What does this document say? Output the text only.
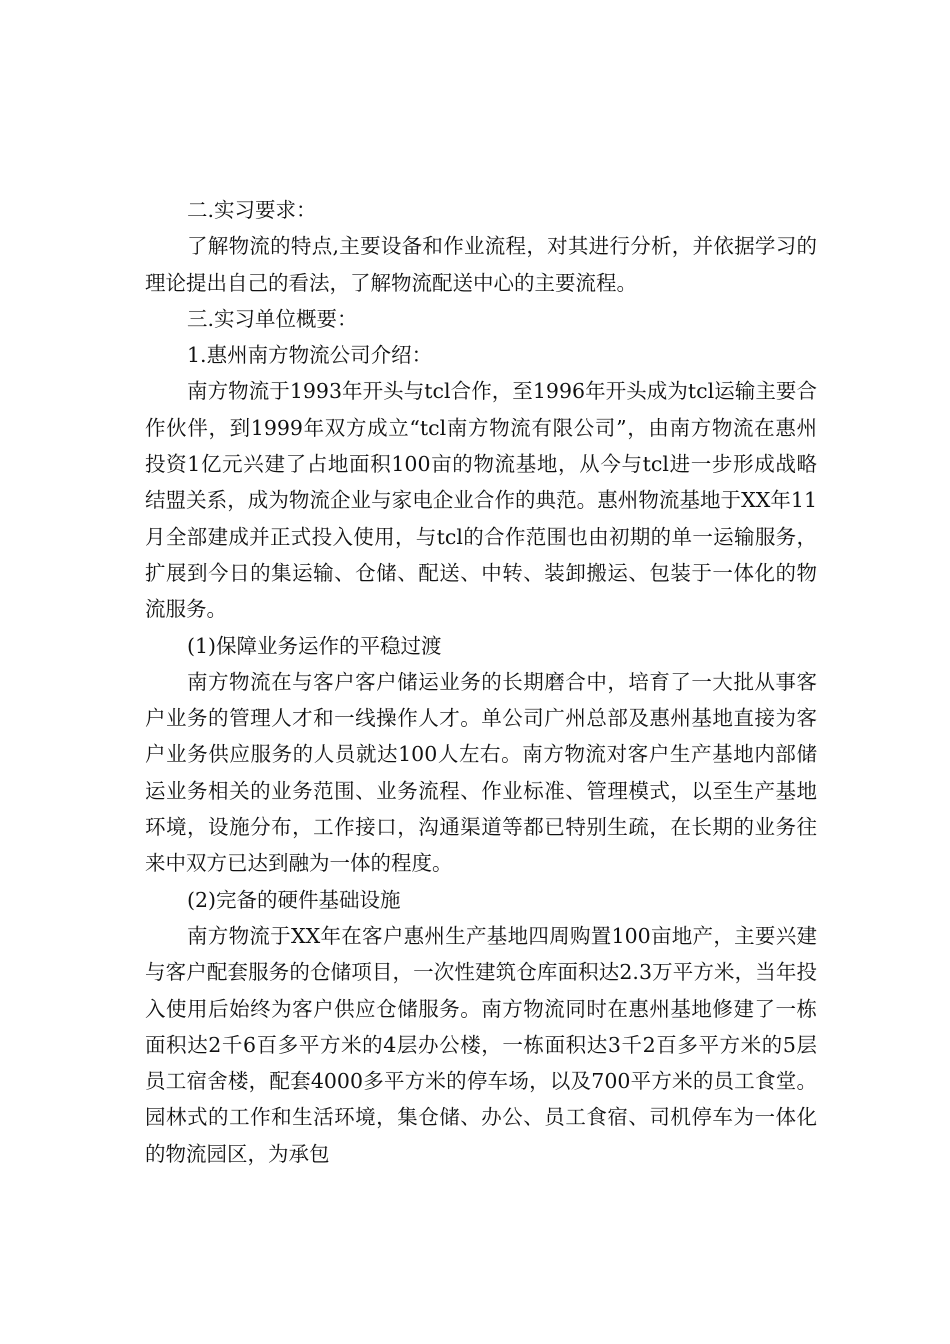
二.实习要求：

了解物流的特点,主要设备和作业流程，对其进行分析，并依据学习的理论提出自己的看法，了解物流配送中心的主要流程。

三.实习单位概要：

1.惠州南方物流公司介绍：

南方物流于1993年开头与tcl合作，至1996年开头成为tcl运输主要合作伙伴，到1999年双方成立“tcl南方物流有限公司”，由南方物流在惠州投资1亿元兴建了占地面积100亩的物流基地，从今与tcl进一步形成战略结盟关系，成为物流企业与家电企业合作的典范。惠州物流基地于XX年11月全部建成并正式投入使用，与tcl的合作范围也由初期的单一运输服务，扩展到今日的集运输、仓储、配送、中转、装卸搬运、包装于一体化的物流服务。

(1)保障业务运作的平稳过渡

南方物流在与客户客户储运业务的长期磨合中，培育了一大批从事客户业务的管理人才和一线操作人才。单公司广州总部及惠州基地直接为客户业务供应服务的人员就达100人左右。南方物流对客户生产基地内部储运业务相关的业务范围、业务流程、作业标准、管理模式，以至生产基地环境，设施分布，工作接口，沟通渠道等都已特别生疏，在长期的业务往来中双方已达到融为一体的程度。

(2)完备的硬件基础设施

南方物流于XX年在客户惠州生产基地四周购置100亩地产，主要兴建与客户配套服务的仓储项目，一次性建筑仓库面积达2.3万平方米，当年投入使用后始终为客户供应仓储服务。南方物流同时在惠州基地修建了一栋面积达2千6百多平方米的4层办公楼，一栋面积达3千2百多平方米的5层员工宿舍楼，配套4000多平方米的停车场，以及700平方米的员工食堂。园林式的工作和生活环境，集仓储、办公、员工食宿、司机停车为一体化的物流园区，为承包
